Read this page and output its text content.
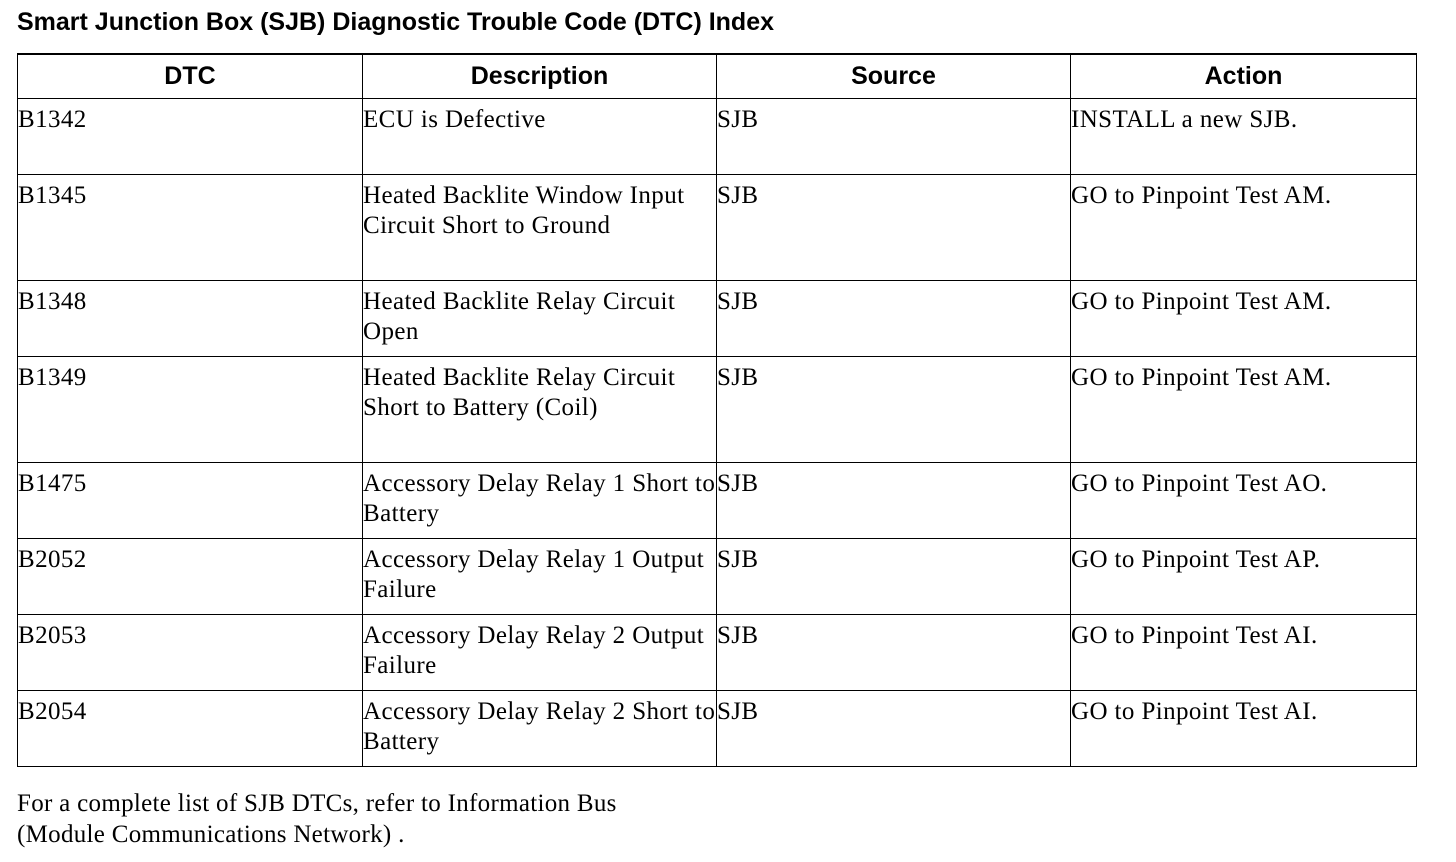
Smart Junction Box (SJB) Diagnostic Trouble Code (DTC) Index
DTC	Description	Source	Action
B1342	ECU is Defective	SJB	INSTALL a new SJB.
B1345	Heated Backlite Window Input Circuit Short to Ground	SJB	GO to Pinpoint Test AM.
B1348	Heated Backlite Relay Circuit Open	SJB	GO to Pinpoint Test AM.
B1349	Heated Backlite Relay Circuit Short to Battery (Coil)	SJB	GO to Pinpoint Test AM.
B1475	Accessory Delay Relay 1 Short to Battery	SJB	GO to Pinpoint Test AO.
B2052	Accessory Delay Relay 1 Output Failure	SJB	GO to Pinpoint Test AP.
B2053	Accessory Delay Relay 2 Output Failure	SJB	GO to Pinpoint Test AI.
B2054	Accessory Delay Relay 2 Short to Battery	SJB	GO to Pinpoint Test AI.
For a complete list of SJB DTCs, refer to Information Bus
(Module Communications Network) .
